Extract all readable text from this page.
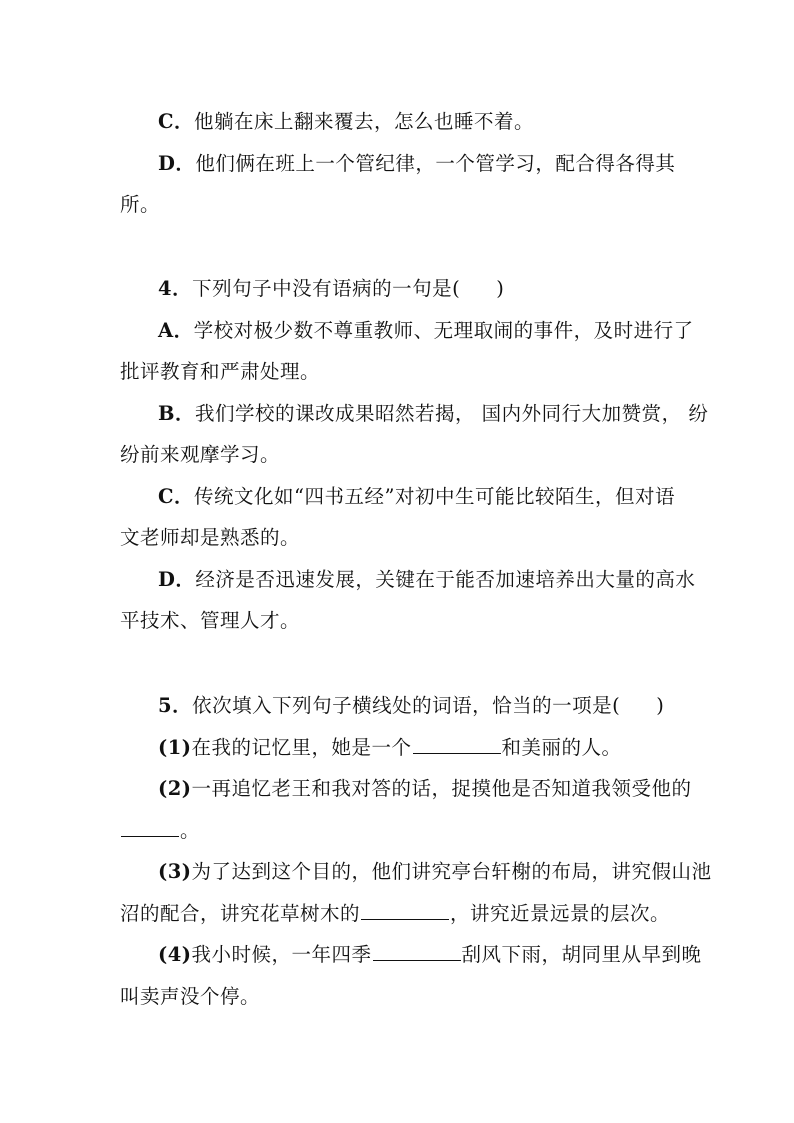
C．他躺在床上翻来覆去，怎么也睡不着。
D．他们俩在班上一个管纪律，一个管学习，配合得各得其
所。
4．下列句子中没有语病的一句是( )
A．学校对极少数不尊重教师、无理取闹的事件，及时进行了
批评教育和严肃处理。
B．我们学校的课改成果昭然若揭， 国内外同行大加赞赏， 纷
纷前来观摩学习。
C．传统文化如“四书五经”对初中生可能比较陌生，但对语
文老师却是熟悉的。
D．经济是否迅速发展，关键在于能否加速培养出大量的高水
平技术、管理人才。
5．依次填入下列句子横线处的词语，恰当的一项是( )
(1)在我的记忆里，她是一个	和美丽的人。
(2)一再追忆老王和我对答的话，捉摸他是否知道我领受他的
。
(3)为了达到这个目的，他们讲究亭台轩榭的布局，讲究假山池
沼的配合，讲究花草树木的	，讲究近景远景的层次。
(4)我小时候，一年四季	刮风下雨，胡同里从早到晚
叫卖声没个停。
